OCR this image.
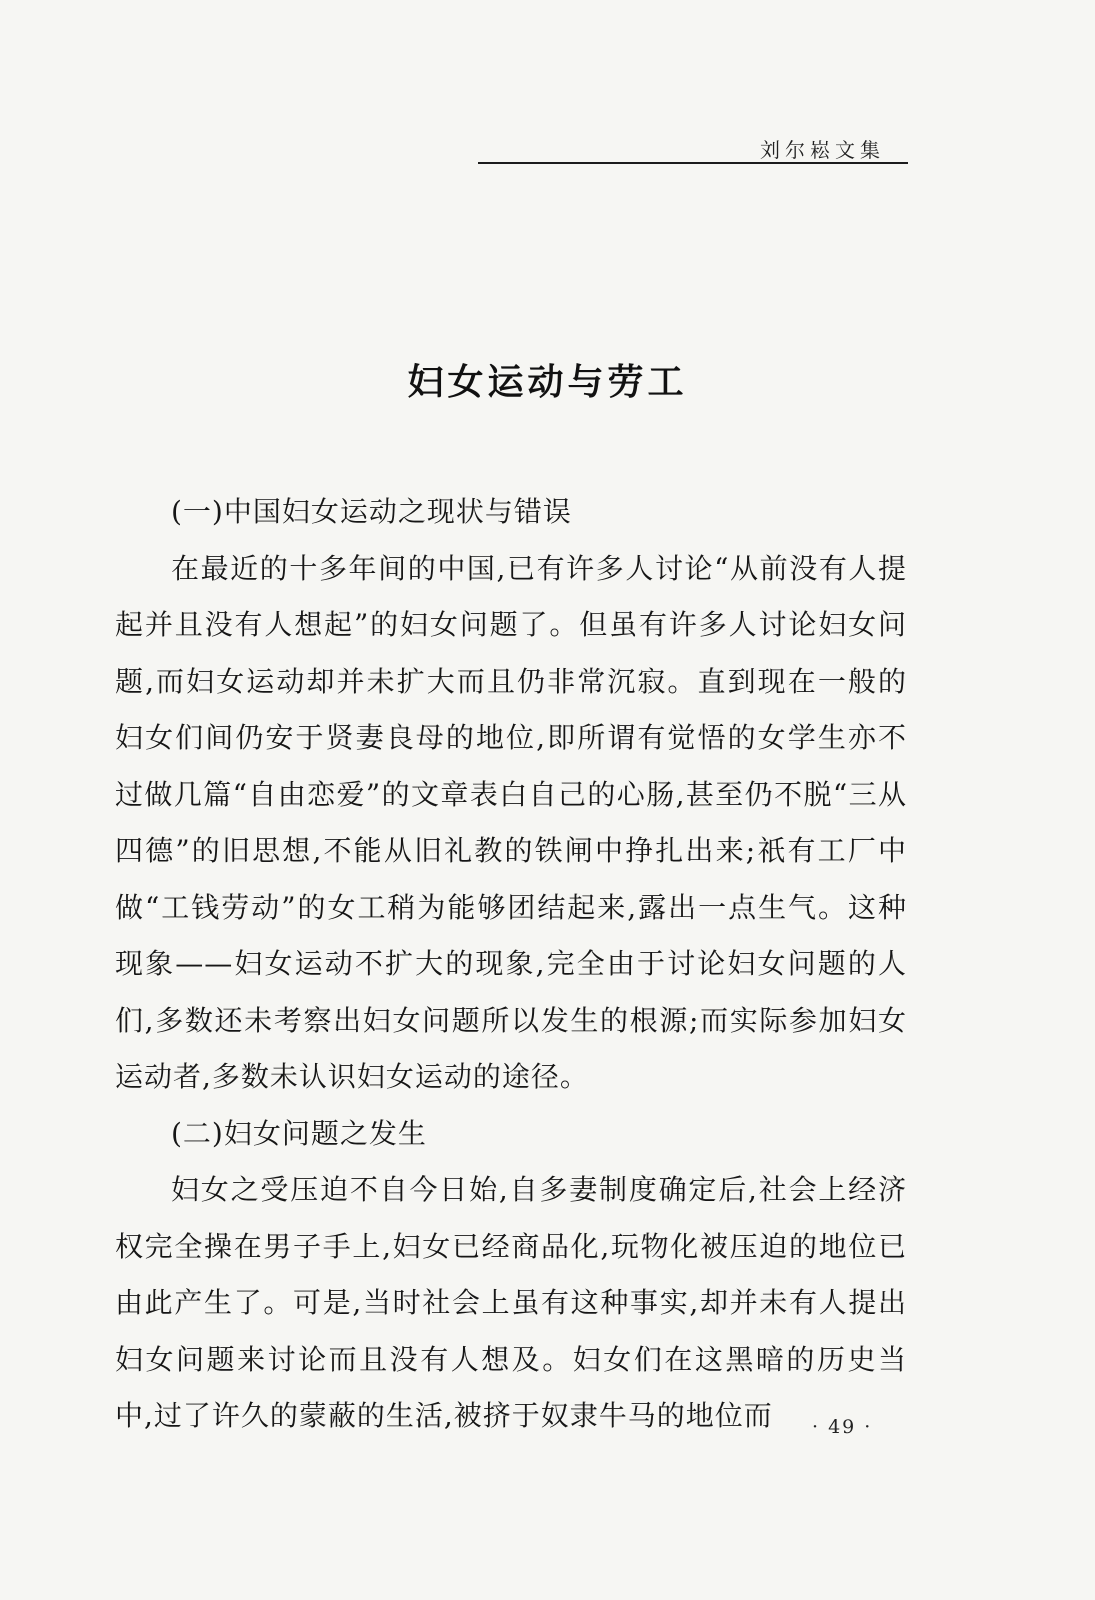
刘尔崧文集
妇女运动与劳工

(一)中国妇女运动之现状与错误

在最近的十多年间的中国,已有许多人讨论“从前没有人提起并且没有人想起”的妇女问题了。但虽有许多人讨论妇女问题,而妇女运动却并未扩大而且仍非常沉寂。直到现在一般的妇女们间仍安于贤妻良母的地位,即所谓有觉悟的女学生亦不过做几篇“自由恋爱”的文章表白自己的心肠,甚至仍不脱“三从四德”的旧思想,不能从旧礼教的铁闸中挣扎出来;祇有工厂中做“工钱劳动”的女工稍为能够团结起来,露出一点生气。这种现象——妇女运动不扩大的现象,完全由于讨论妇女问题的人们,多数还未考察出妇女问题所以发生的根源;而实际参加妇女运动者,多数未认识妇女运动的途径。

(二)妇女问题之发生

妇女之受压迫不自今日始,自多妻制度确定后,社会上经济权完全操在男子手上,妇女已经商品化,玩物化被压迫的地位已由此产生了。可是,当时社会上虽有这种事实,却并未有人提出妇女问题来讨论而且没有人想及。妇女们在这黑暗的历史当中,过了许久的蒙蔽的生活,被挤于奴隶牛马的地位而	· 49 ·
